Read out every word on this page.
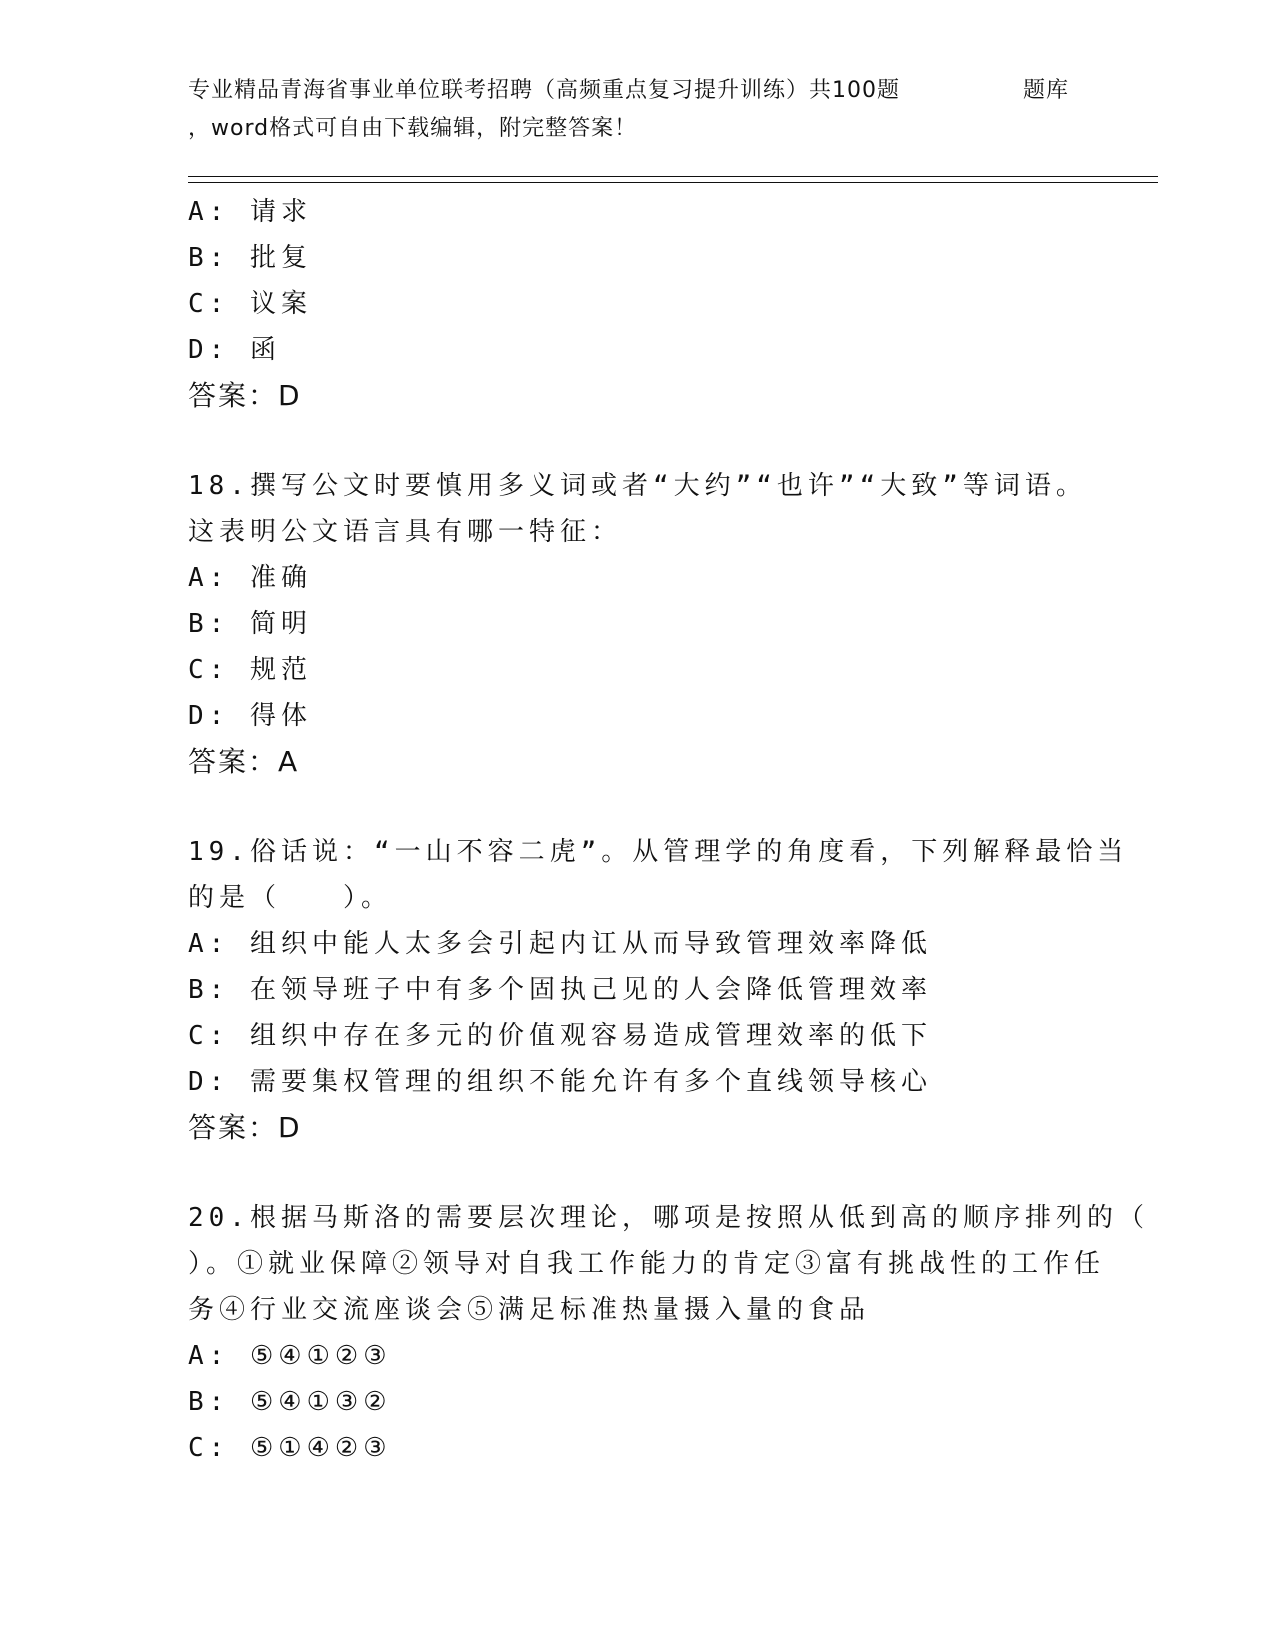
专业精品青海省事业单位联考招聘（高频重点复习提升训练）共100题	题库
，word格式可自由下载编辑，附完整答案！
A: 请求
B: 批复
C: 议案
D: 函
答案：D
18.撰写公文时要慎用多义词或者“大约”“也许”“大致”等词语。
这表明公文语言具有哪一特征：
A: 准确
B: 简明
C: 规范
D: 得体
答案：A
19.俗话说：“一山不容二虎”。从管理学的角度看，下列解释最恰当
的是（　　）。
A: 组织中能人太多会引起内讧从而导致管理效率降低
B: 在领导班子中有多个固执己见的人会降低管理效率
C: 组织中存在多元的价值观容易造成管理效率的低下
D: 需要集权管理的组织不能允许有多个直线领导核心
答案：D
20.根据马斯洛的需要层次理论，哪项是按照从低到高的顺序排列的（
）。①就业保障②领导对自我工作能力的肯定③富有挑战性的工作任
务④行业交流座谈会⑤满足标准热量摄入量的食品
A: ⑤④①②③
B: ⑤④①③②
C: ⑤①④②③
